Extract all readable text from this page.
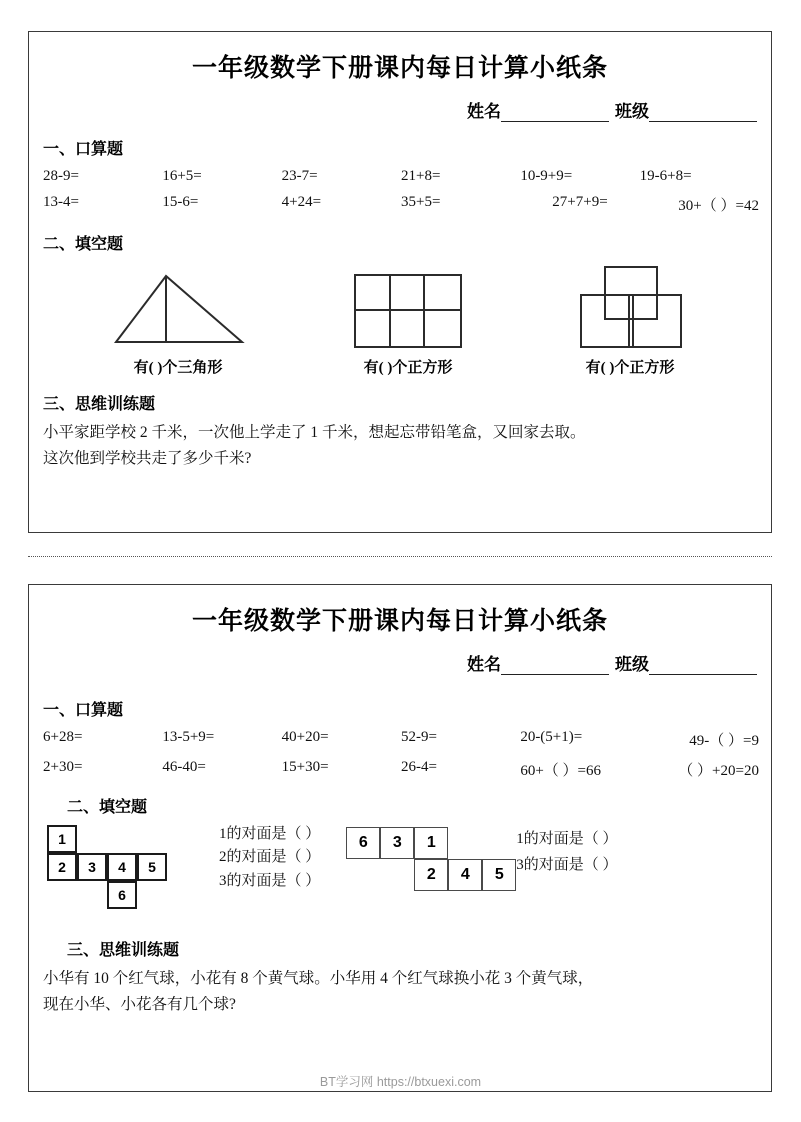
一年级数学下册课内每日计算小纸条
姓名	班级
一、口算题
28-9=	16+5=	23-7=	21+8=	10-9+9=	19-6+8=
13-4=	15-6=	4+24=	35+5=	27+7+9=	30+（ ）=42
二、填空题
有( )个三角形	有( )个正方形	有( )个正方形
三、思维训练题

小平家距学校 2 千米，一次他上学走了 1 千米，想起忘带铅笔盒，又回家去取。

这次他到学校共走了多少千米?

一年级数学下册课内每日计算小纸条
姓名	班级
一、口算题
6+28=	13-5+9=	40+20=	52-9=	20-(5+1)=	49-（ ）=9
2+30=	46-40=	15+30=	26-4=	60+（ ）=66	（ ）+20=20
二、填空题
1
2	3	4	5
6
1的对面是（ ）
2的对面是（ ）
3的对面是（ ）
6	3	1
2	4	5
1的对面是（ ）
3的对面是（ ）
三、思维训练题

小华有 10 个红气球，小花有 8 个黄气球。小华用 4 个红气球换小花 3 个黄气球，

现在小华、小花各有几个球?

BT学习网 https://btxuexi.com
